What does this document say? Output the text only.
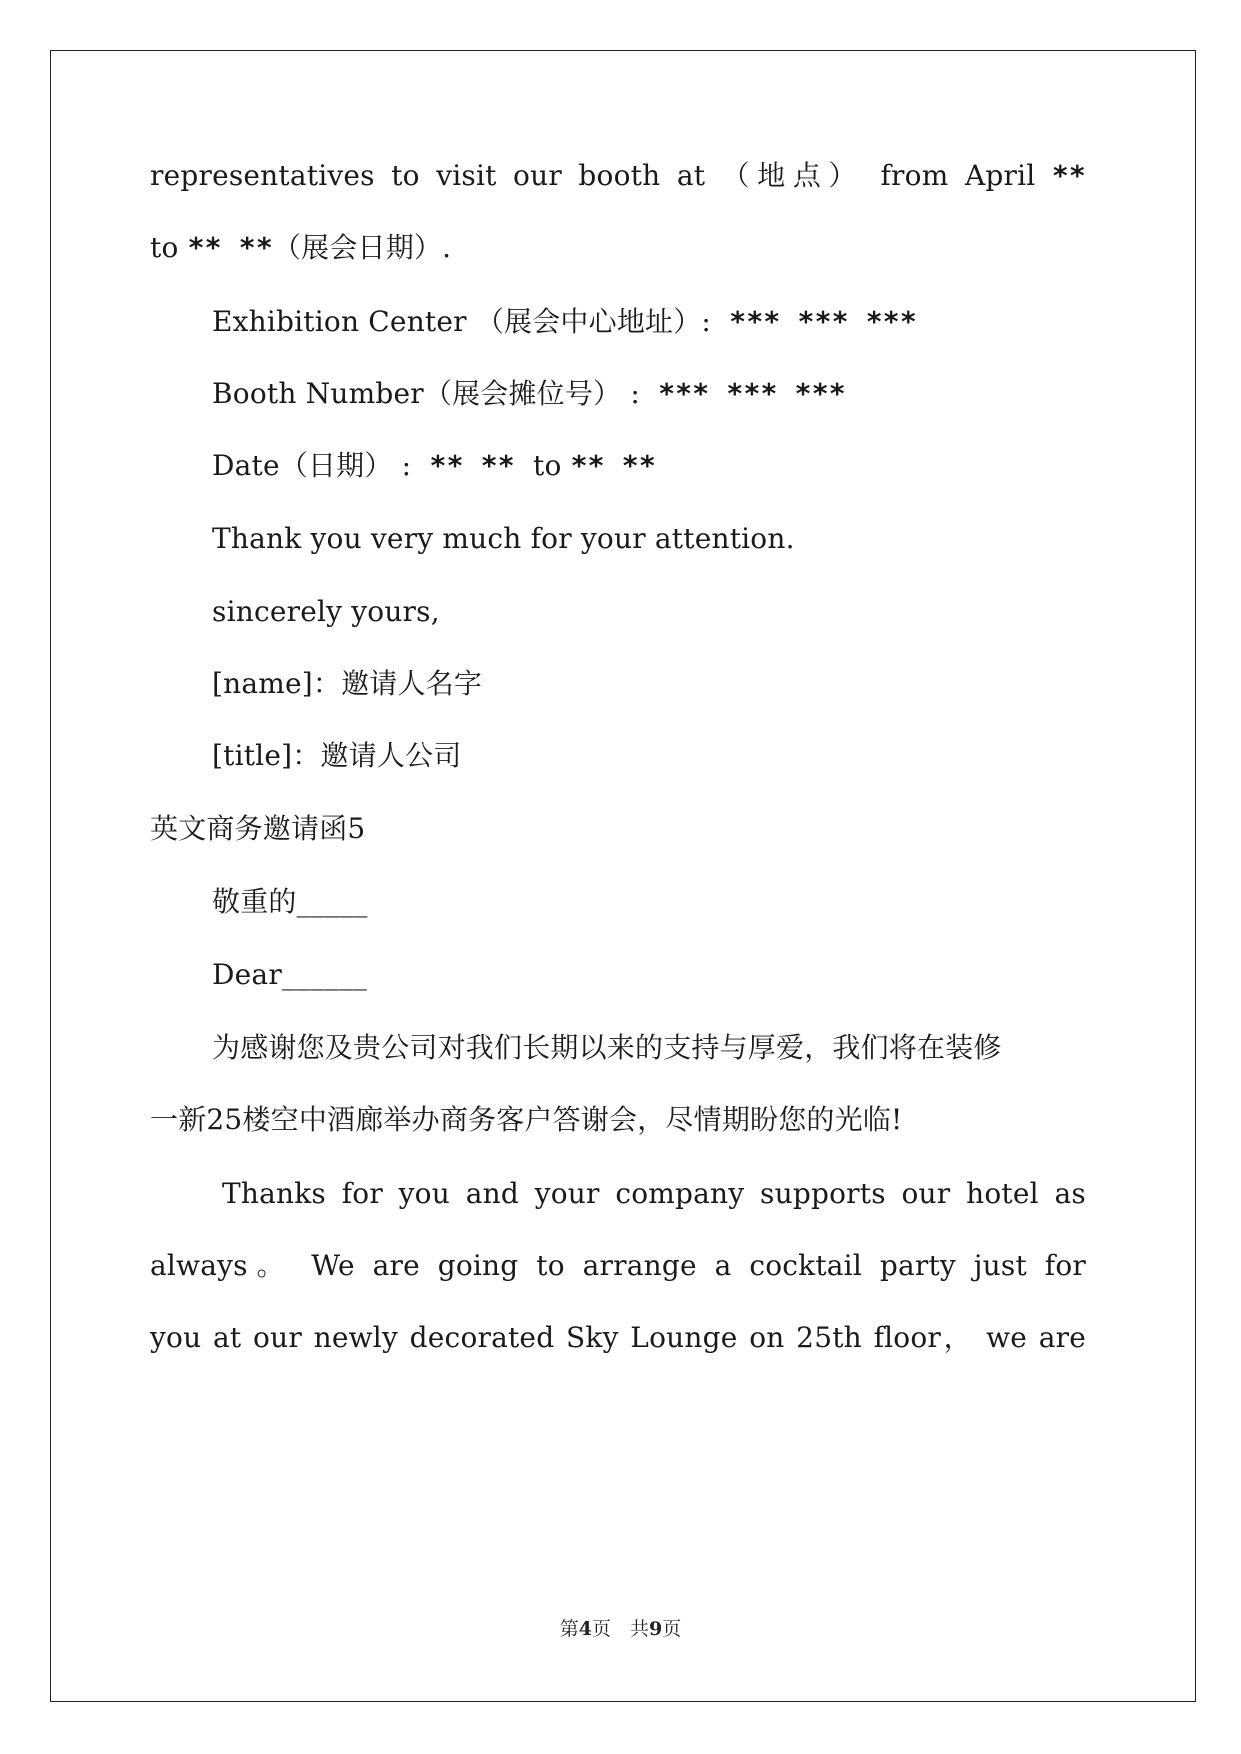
representatives to visit our booth at （地点） from April **
to ** **（展会日期）.
Exhibition Center （展会中心地址）:  *** *** ***
Booth Number（展会摊位号） :  *** *** ***
Date（日期） :  ** **  to ** **
Thank you very much for your attention.
sincerely yours,
[name]：邀请人名字
[title]：邀请人公司
英文商务邀请函5
敬重的_____
Dear______
为感谢您及贵公司对我们长期以来的支持与厚爱，我们将在装修
一新25楼空中酒廊举办商务客户答谢会，尽情期盼您的光临!
Thanks for you and your company supports our hotel as
always。 We are going to arrange a cocktail party just for
you at our newly decorated Sky Lounge on 25th floor， we are
第4页　共9页
